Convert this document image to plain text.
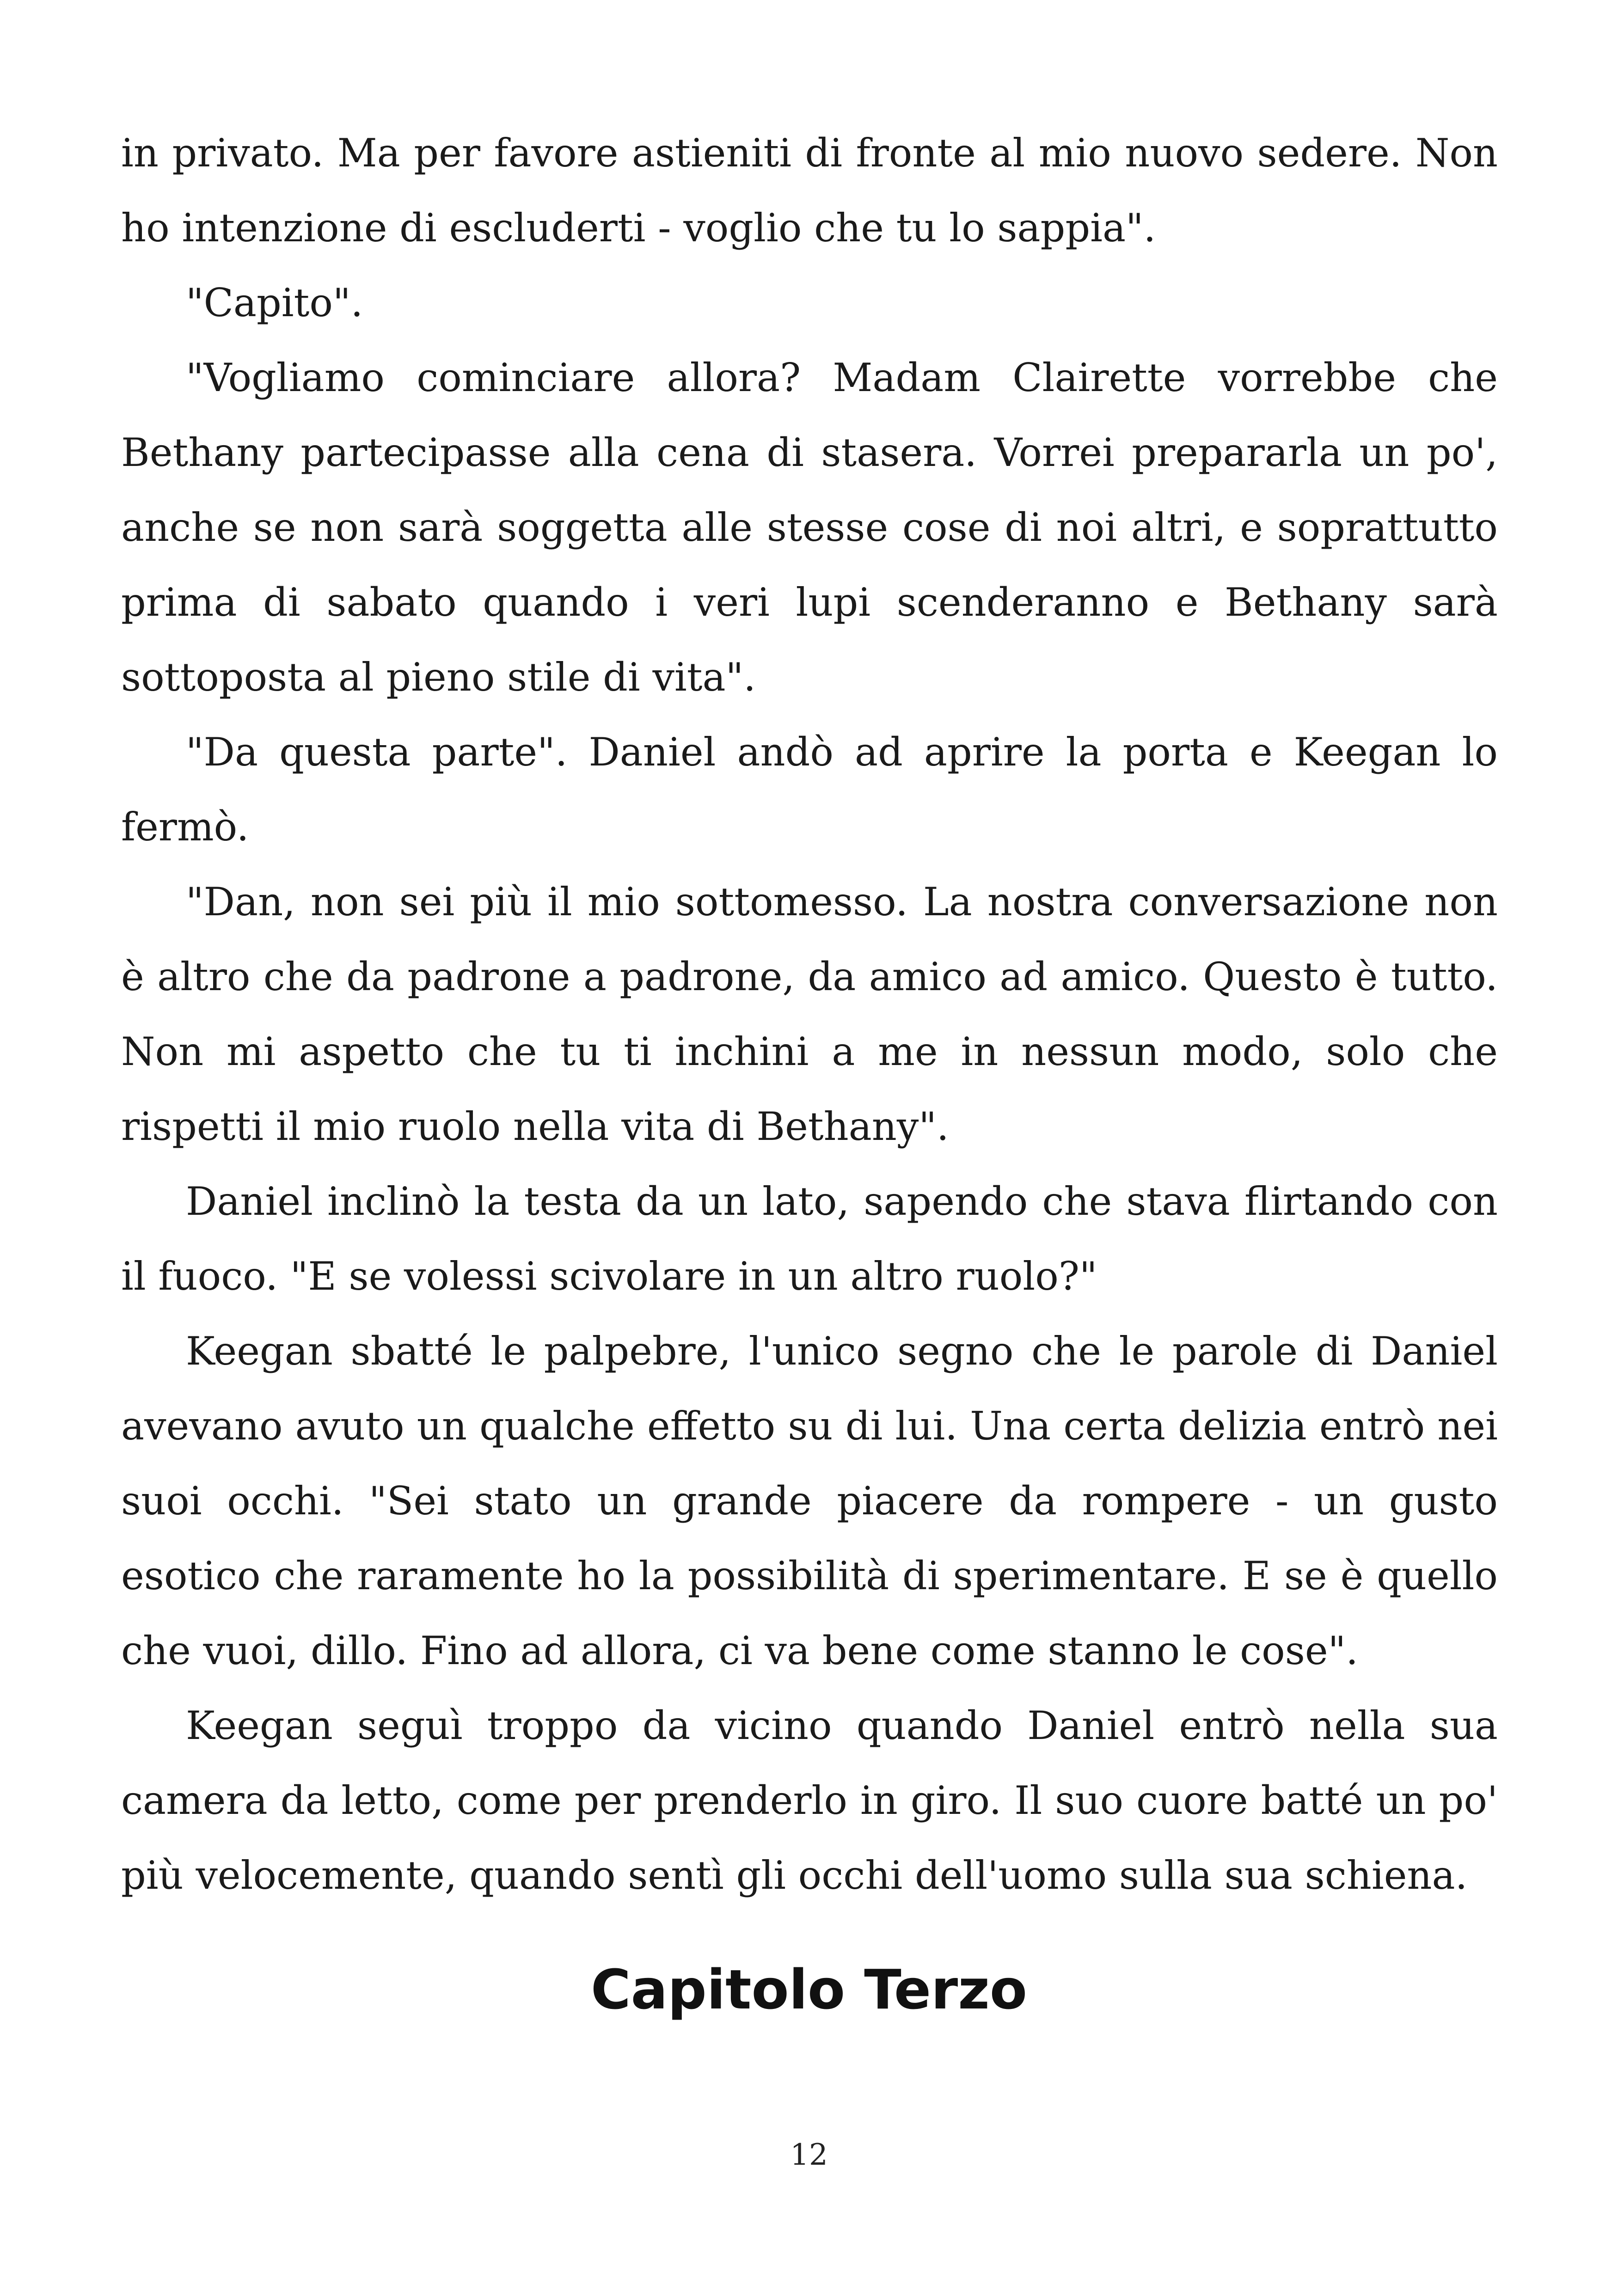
in privato. Ma per favore astieniti di fronte al mio nuovo sedere. Non ho intenzione di escluderti - voglio che tu lo sappia".

"Capito".

"Vogliamo cominciare allora? Madam Clairette vorrebbe che Bethany partecipasse alla cena di stasera. Vorrei prepararla un po', anche se non sarà soggetta alle stesse cose di noi altri, e soprattutto prima di sabato quando i veri lupi scenderanno e Bethany sarà sottoposta al pieno stile di vita".

"Da questa parte". Daniel andò ad aprire la porta e Keegan lo fermò.

"Dan, non sei più il mio sottomesso. La nostra conversazione non è altro che da padrone a padrone, da amico ad amico. Questo è tutto. Non mi aspetto che tu ti inchini a me in nessun modo, solo che rispetti il mio ruolo nella vita di Bethany".

Daniel inclinò la testa da un lato, sapendo che stava flirtando con il fuoco. "E se volessi scivolare in un altro ruolo?"

Keegan sbatté le palpebre, l'unico segno che le parole di Daniel avevano avuto un qualche effetto su di lui. Una certa delizia entrò nei suoi occhi. "Sei stato un grande piacere da rompere - un gusto esotico che raramente ho la possibilità di sperimentare. E se è quello che vuoi, dillo. Fino ad allora, ci va bene come stanno le cose".

Keegan seguì troppo da vicino quando Daniel entrò nella sua camera da letto, come per prenderlo in giro. Il suo cuore batté un po' più velocemente, quando sentì gli occhi dell'uomo sulla sua schiena.

Capitolo Terzo
12
